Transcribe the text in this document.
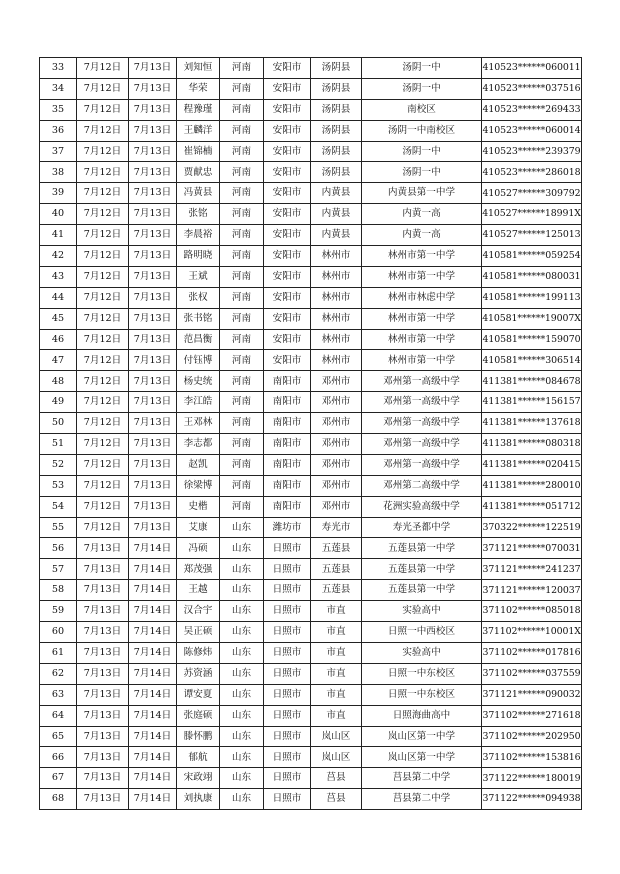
33	7月12日	7月13日	刘知恒	河南	安阳市	汤阴县	汤阴一中	410523******060011
34	7月12日	7月13日	华荣	河南	安阳市	汤阴县	汤阴一中	410523******037516
35	7月12日	7月13日	程豫瑾	河南	安阳市	汤阴县	南校区	410523******269433
36	7月12日	7月13日	王麟洋	河南	安阳市	汤阴县	汤阴一中南校区	410523******060014
37	7月12日	7月13日	崔锦楠	河南	安阳市	汤阴县	汤阴一中	410523******239379
38	7月12日	7月13日	贾献忠	河南	安阳市	汤阴县	汤阴一中	410523******286018
39	7月12日	7月13日	冯黄县	河南	安阳市	内黄县	内黄县第一中学	410527******309792
40	7月12日	7月13日	张铭	河南	安阳市	内黄县	内黄一高	410527******18991X
41	7月12日	7月13日	李晨裕	河南	安阳市	内黄县	内黄一高	410527******125013
42	7月12日	7月13日	路明晓	河南	安阳市	林州市	林州市第一中学	410581******059254
43	7月12日	7月13日	王斌	河南	安阳市	林州市	林州市第一中学	410581******080031
44	7月12日	7月13日	张权	河南	安阳市	林州市	林州市林虑中学	410581******199113
45	7月12日	7月13日	张书铭	河南	安阳市	林州市	林州市第一中学	410581******19007X
46	7月12日	7月13日	范昌衡	河南	安阳市	林州市	林州市第一中学	410581******159070
47	7月12日	7月13日	付钰博	河南	安阳市	林州市	林州市第一中学	410581******306514
48	7月12日	7月13日	杨史统	河南	南阳市	邓州市	邓州第一高级中学	411381******084678
49	7月12日	7月13日	李江皓	河南	南阳市	邓州市	邓州第一高级中学	411381******156157
50	7月12日	7月13日	王邓林	河南	南阳市	邓州市	邓州第一高级中学	411381******137618
51	7月12日	7月13日	李志都	河南	南阳市	邓州市	邓州第一高级中学	411381******080318
52	7月12日	7月13日	赵凯	河南	南阳市	邓州市	邓州第一高级中学	411381******020415
53	7月12日	7月13日	徐梁博	河南	南阳市	邓州市	邓州第二高级中学	411381******280010
54	7月12日	7月13日	史楷	河南	南阳市	邓州市	花洲实验高级中学	411381******051712
55	7月12日	7月13日	艾康	山东	潍坊市	寿光市	寿光圣都中学	370322******122519
56	7月13日	7月14日	冯硕	山东	日照市	五莲县	五莲县第一中学	371121******070031
57	7月13日	7月14日	郑茂强	山东	日照市	五莲县	五莲县第一中学	371121******241237
58	7月13日	7月14日	王越	山东	日照市	五莲县	五莲县第一中学	371121******120037
59	7月13日	7月14日	汉合宇	山东	日照市	市直	实验高中	371102******085018
60	7月13日	7月14日	吴正硕	山东	日照市	市直	日照一中西校区	371102******10001X
61	7月13日	7月14日	陈修炜	山东	日照市	市直	实验高中	371102******017816
62	7月13日	7月14日	苏资涵	山东	日照市	市直	日照一中东校区	371102******037559
63	7月13日	7月14日	谭安夏	山东	日照市	市直	日照一中东校区	371121******090032
64	7月13日	7月14日	张庭硕	山东	日照市	市直	日照海曲高中	371102******271618
65	7月13日	7月14日	滕怀鹏	山东	日照市	岚山区	岚山区第一中学	371102******202950
66	7月13日	7月14日	郁航	山东	日照市	岚山区	岚山区第一中学	371102******153816
67	7月13日	7月14日	宋政翊	山东	日照市	莒县	莒县第二中学	371122******180019
68	7月13日	7月14日	刘执康	山东	日照市	莒县	莒县第二中学	371122******094938
